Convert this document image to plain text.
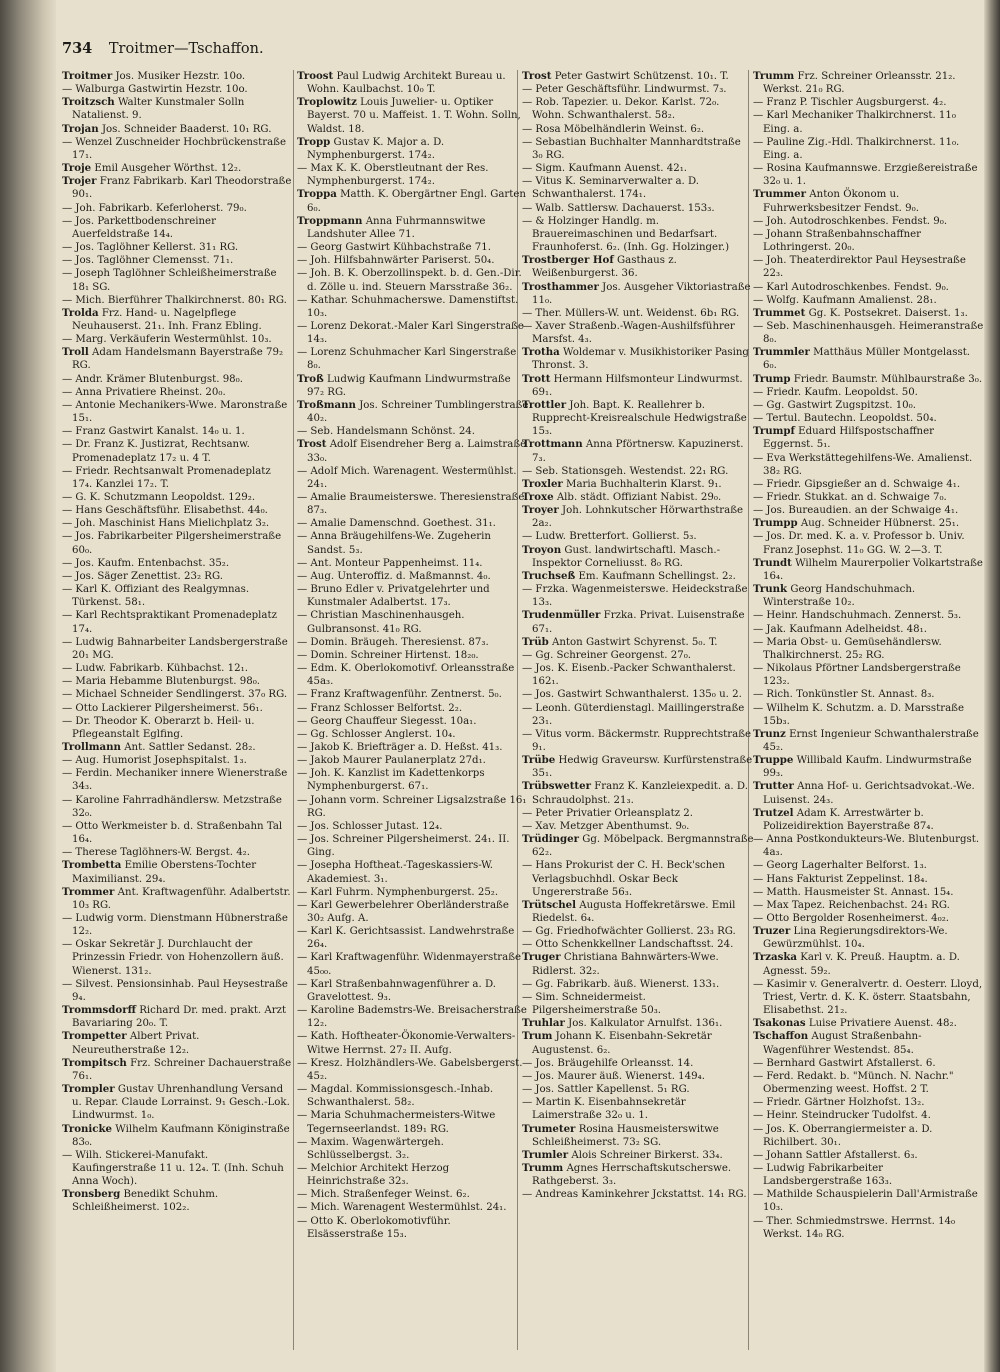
734 Troitmer—Tschaffon.

Troitmer Jos. Musiker Hezstr. 10o.

— Walburga Gastwirtin Hezstr. 10o.

Troitzsch Walter Kunstmaler Solln Natalienst. 9.

Trojan Jos. Schneider Baaderst. 10₁ RG.

— Wenzel Zuschneider Hochbrückenstraße 17₁.

Troje Emil Ausgeher Wörthst. 12₂.

Trojer Franz Fabrikarb. Karl Theodorstraße 90₁.

— Joh. Fabrikarb. Keferloherst. 79₀.

— Jos. Parkettbodenschreiner Auerfeldstraße 14₄.

— Jos. Taglöhner Kellerst. 31₁ RG.

— Jos. Taglöhner Clemensst. 71₁.

— Joseph Taglöhner Schleißheimerstraße 18₁ SG.

— Mich. Bierführer Thalkirchnerst. 80₁ RG.

Trolda Frz. Hand- u. Nagelpflege Neuhauserst. 21₁. Inh. Franz Ebling.

— Marg. Verkäuferin Westermühlst. 10₃.

Troll Adam Handelsmann Bayerstraße 79₂ RG.

— Andr. Krämer Blutenburgst. 98₀.

— Anna Privatiere Rheinst. 20₀.

— Antonie Mechanikers-Wwe. Maronstraße 15₁.

— Franz Gastwirt Kanalst. 14₀ u. 1.

— Dr. Franz K. Justizrat, Rechtsanw. Promenadeplatz 17₂ u. 4 T.

— Friedr. Rechtsanwalt Promenadeplatz 17₄. Kanzlei 17₂. T.

— G. K. Schutzmann Leopoldst. 129₂.

— Hans Geschäftsführ. Elisabethst. 44₀.

— Joh. Maschinist Hans Mielichplatz 3₂.

— Jos. Fabrikarbeiter Pilgersheimerstraße 60₀.

— Jos. Kaufm. Entenbachst. 35₂.

— Jos. Säger Zenettist. 23₂ RG.

— Karl K. Offiziant des Realgymnas. Türkenst. 58₁.

— Karl Rechtspraktikant Promenadeplatz 17₄.

— Ludwig Bahnarbeiter Landsbergerstraße 20₁ MG.

— Ludw. Fabrikarb. Kühbachst. 12₁.

— Maria Hebamme Blutenburgst. 98₀.

— Michael Schneider Sendlingerst. 37₀ RG.

— Otto Lackierer Pilgersheimerst. 56₁.

— Dr. Theodor K. Oberarzt b. Heil- u. Pflegeanstalt Eglfing.

Trollmann Ant. Sattler Sedanst. 28₂.

— Aug. Humorist Josephspitalst. 1₃.

— Ferdin. Mechaniker innere Wienerstraße 34₃.

— Karoline Fahrradhändlersw. Metzstraße 32₀.

— Otto Werkmeister b. d. Straßenbahn Tal 16₄.

— Therese Taglöhners-W. Bergst. 4₂.

Trombetta Emilie Oberstens-Tochter Maximilianst. 29₄.

Trommer Ant. Kraftwagenführ. Adalbertstr. 10₃ RG.

— Ludwig vorm. Dienstmann Hübnerstraße 12₂.

— Oskar Sekretär J. Durchlaucht der Prinzessin Friedr. von Hohenzollern äuß. Wienerst. 131₂.

— Silvest. Pensionsinhab. Paul Heysestraße 9₄.

Trommsdorff Richard Dr. med. prakt. Arzt Bavariaring 20₀. T.

Trompetter Albert Privat. Neureutherstraße 12₂.

Trompitsch Frz. Schreiner Dachauerstraße 76₁.

Trompler Gustav Uhrenhandlung Versand u. Repar. Claude Lorrainst. 9₁ Gesch.-Lok. Lindwurmst. 1₀.

Tronicke Wilhelm Kaufmann Königinstraße 83₀.

— Wilh. Stickerei-Manufakt. Kaufingerstraße 11 u. 12₄. T. (Inh. Schuh Anna Woch).

Tronsberg Benedikt Schuhm. Schleißheimerst. 102₂.

Troost Paul Ludwig Architekt Bureau u. Wohn. Kaulbachst. 10₀ T.

Troplowitz Louis Juwelier- u. Optiker Bayerst. 70 u. Maffeist. 1. T. Wohn. Solln, Waldst. 18.

Tropp Gustav K. Major a. D. Nymphenburgerst. 174₂.

— Max K. K. Oberstleutnant der Res. Nymphenburgerst. 174₂.

Troppa Matth. K. Obergärtner Engl. Garten 6₀.

Troppmann Anna Fuhrmannswitwe Landshuter Allee 71.

— Georg Gastwirt Kühbachstraße 71.

— Joh. Hilfsbahnwärter Pariserst. 50₄.

— Joh. B. K. Oberzollinspekt. b. d. Gen.-Dir. d. Zölle u. ind. Steuern Marsstraße 36₂.

— Kathar. Schuhmacherswe. Damenstiftst. 10₃.

— Lorenz Dekorat.-Maler Karl Singerstraße 14₃.

— Lorenz Schuhmacher Karl Singerstraße 8₀.

Troß Ludwig Kaufmann Lindwurmstraße 97₂ RG.

Troßmann Jos. Schreiner Tumblingerstraße 40₂.

— Seb. Handelsmann Schönst. 24.

Trost Adolf Eisendreher Berg a. Laimstraße 33₀.

— Adolf Mich. Warenagent. Westermühlst. 24₁.

— Amalie Braumeisterswe. Theresienstraße 87₃.

— Amalie Damenschnd. Goethest. 31₁.

— Anna Bräugehilfens-We. Zugeherin Sandst. 5₃.

— Ant. Monteur Pappenheimst. 11₄.

— Aug. Unteroffiz. d. Maßmannst. 4₀.

— Bruno Edler v. Privatgelehrter und Kunstmaler Adalbertst. 17₃.

— Christian Maschinenhausgeh. Gulbransonst. 41₀ RG.

— Domin. Bräugeh. Theresienst. 87₃.

— Domin. Schreiner Hirtenst. 18₂₀.

— Edm. K. Oberlokomotivf. Orleansstraße 45a₃.

— Franz Kraftwagenführ. Zentnerst. 5₀.

— Franz Schlosser Belfortst. 2₂.

— Georg Chauffeur Siegesst. 10a₁.

— Gg. Schlosser Anglerst. 10₄.

— Jakob K. Briefträger a. D. Heßst. 41₃.

— Jakob Maurer Paulanerplatz 27d₁.

— Joh. K. Kanzlist im Kadettenkorps Nymphenburgerst. 67₁.

— Johann vorm. Schreiner Ligsalzstraße 16₁ RG.

— Jos. Schlosser Jutast. 12₄.

— Jos. Schreiner Pilgersheimerst. 24₁. II. Ging.

— Josepha Hoftheat.-Tageskassiers-W. Akademiest. 3₁.

— Karl Fuhrm. Nymphenburgerst. 25₂.

— Karl Gewerbelehrer Oberländerstraße 30₂ Aufg. A.

— Karl K. Gerichtsassist. Landwehrstraße 26₄.

— Karl Kraftwagenführ. Widenmayerstraße 45₀₀.

— Karl Straßenbahnwagenführer a. D. Gravelottest. 9₃.

— Karoline Bademstrs-We. Breisacherstraße 12₂.

— Kath. Hoftheater-Ökonomie-Verwalters-Witwe Herrnst. 27₂ II. Aufg.

— Kresz. Holzhändlers-We. Gabelsbergerst. 45₂.

— Magdal. Kommissionsgesch.-Inhab. Schwanthalerst. 58₂.

— Maria Schuhmachermeisters-Witwe Tegernseerlandst. 189₁ RG.

— Maxim. Wagenwärtergeh. Schlüsselbergst. 3₂.

— Melchior Architekt Herzog Heinrichstraße 32₃.

— Mich. Straßenfeger Weinst. 6₂.

— Mich. Warenagent Westermühlst. 24₁.

— Otto K. Oberlokomotivführ. Elsässerstraße 15₃.

Trost Peter Gastwirt Schützenst. 10₁. T.

— Peter Geschäftsführ. Lindwurmst. 7₃.

— Rob. Tapezier. u. Dekor. Karlst. 72₀. Wohn. Schwanthalerst. 58₂.

— Rosa Möbelhändlerin Weinst. 6₂.

— Sebastian Buchhalter Mannhardtstraße 3₀ RG.

— Sigm. Kaufmann Auenst. 42₁.

— Vitus K. Seminarverwalter a. D. Schwanthalerst. 174₁.

— Walb. Sattlersw. Dachauerst. 153₃.

— & Holzinger Handlg. m. Brauereimaschinen und Bedarfsart. Fraunhoferst. 6₂. (Inh. Gg. Holzinger.)

Trostberger Hof Gasthaus z. Weißenburgerst. 36.

Trosthammer Jos. Ausgeher Viktoriastraße 11₀.

— Ther. Müllers-W. unt. Weidenst. 6b₁ RG.

— Xaver Straßenb.-Wagen-Aushilfsführer Marsfst. 4₃.

Trotha Woldemar v. Musikhistoriker Pasing Thronst. 3.

Trott Hermann Hilfsmonteur Lindwurmst. 69₁.

Trottler Joh. Bapt. K. Reallehrer b. Rupprecht-Kreisrealschule Hedwigstraße 15₃.

Trottmann Anna Pförtnersw. Kapuzinerst. 7₃.

— Seb. Stationsgeh. Westendst. 22₁ RG.

Troxler Maria Buchhalterin Klarst. 9₁.

Troxe Alb. städt. Offiziant Nabist. 29₀.

Troyer Joh. Lohnkutscher Hörwarthstraße 2a₂.

— Ludw. Bretterfort. Gollierst. 5₃.

Troyon Gust. landwirtschaftl. Masch.-Inspektor Corneliusst. 8₀ RG.

Truchseß Em. Kaufmann Schellingst. 2₂.

— Frzka. Wagenmeisterswe. Heideckstraße 13₃.

Trudenmüller Frzka. Privat. Luisenstraße 67₁.

Trüb Anton Gastwirt Schyrenst. 5₀. T.

— Gg. Schreiner Georgenst. 27₀.

— Jos. K. Eisenb.-Packer Schwanthalerst. 162₁.

— Jos. Gastwirt Schwanthalerst. 135₀ u. 2.

— Leonh. Güterdienstagl. Maillingerstraße 23₁.

— Vitus vorm. Bäckermstr. Rupprechtstraße 9₁.

Trübe Hedwig Graveursw. Kurfürstenstraße 35₁.

Trübswetter Franz K. Kanzleiexpedit. a. D. Schraudolphst. 21₃.

— Peter Privatier Orleansplatz 2.

— Xav. Metzger Abenthumst. 9₀.

Trüdinger Gg. Möbelpack. Bergmannstraße 62₂.

— Hans Prokurist der C. H. Beck'schen Verlagsbuchhdl. Oskar Beck Ungererstraße 56₃.

Trütschel Augusta Hoffekretärswe. Emil Riedelst. 6₄.

— Gg. Friedhofwächter Gollierst. 23₃ RG.

— Otto Schenkkellner Landschaftsst. 24.

Truger Christiana Bahnwärters-Wwe. Ridlerst. 32₂.

— Gg. Fabrikarb. äuß. Wienerst. 133₁.

— Sim. Schneidermeist. Pilgersheimerstraße 50₃.

Truhlar Jos. Kalkulator Arnulfst. 136₁.

Trum Johann K. Eisenbahn-Sekretär Augustenst. 6₂.

— Jos. Bräugehilfe Orleansst. 14.

— Jos. Maurer äuß. Wienerst. 149₄.

— Jos. Sattler Kapellenst. 5₁ RG.

— Martin K. Eisenbahnsekretär Laimerstraße 32₀ u. 1.

Trumeter Rosina Hausmeisterswitwe Schleißheimerst. 73₂ SG.

Trumler Alois Schreiner Birkerst. 33₄.

Trumm Agnes Herrschaftskutscherswe. Rathgeberst. 3₃.

— Andreas Kaminkehrer Jckstattst. 14₁ RG.

Trumm Frz. Schreiner Orleansstr. 21₂. Werkst. 21₀ RG.

— Franz P. Tischler Augsburgerst. 4₂.

— Karl Mechaniker Thalkirchnerst. 11₀ Eing. a.

— Pauline Zig.-Hdl. Thalkirchnerst. 11₀. Eing. a.

— Rosina Kaufmannswe. Erzgießereistraße 32₀ u. 1.

Trummer Anton Ökonom u. Fuhrwerksbesitzer Fendst. 9₀.

— Joh. Autodroschkenbes. Fendst. 9₀.

— Johann Straßenbahnschaffner Lothringerst. 20₀.

— Joh. Theaterdirektor Paul Heysestraße 22₃.

— Karl Autodroschkenbes. Fendst. 9₀.

— Wolfg. Kaufmann Amalienst. 28₁.

Trummet Gg. K. Postsekret. Daiserst. 1₃.

— Seb. Maschinenhausgeh. Heimeranstraße 8₀.

Trummler Matthäus Müller Montgelasst. 6₀.

Trump Friedr. Baumstr. Mühlbaurstraße 3₀.

— Friedr. Kaufm. Leopoldst. 50.

— Gg. Gastwirt Zugspitzst. 10₀.

— Tertul. Bautechn. Leopoldst. 50₄.

Trumpf Eduard Hilfspostschaffner Eggernst. 5₁.

— Eva Werkstättegehilfens-We. Amalienst. 38₂ RG.

— Friedr. Gipsgießer an d. Schwaige 4₁.

— Friedr. Stukkat. an d. Schwaige 7₀.

— Jos. Bureaudien. an der Schwaige 4₁.

Trumpp Aug. Schneider Hübnerst. 25₁.

— Jos. Dr. med. K. a. v. Professor b. Univ. Franz Josephst. 11₀ GG. W. 2—3. T.

Trundt Wilhelm Maurerpolier Volkartstraße 16₄.

Trunk Georg Handschuhmach. Winterstraße 10₂.

— Heinr. Handschuhmach. Zennerst. 5₃.

— Jak. Kaufmann Adelheidst. 48₁.

— Maria Obst- u. Gemüsehändlersw. Thalkirchnerst. 25₂ RG.

— Nikolaus Pförtner Landsbergerstraße 123₂.

— Rich. Tonkünstler St. Annast. 8₃.

— Wilhelm K. Schutzm. a. D. Marsstraße 15b₃.

Trunz Ernst Ingenieur Schwanthalerstraße 45₂.

Truppe Willibald Kaufm. Lindwurmstraße 99₃.

Trutter Anna Hof- u. Gerichtsadvokat.-We. Luisenst. 24₃.

Trutzel Adam K. Arrestwärter b. Polizeidirektion Bayerstraße 87₄.

— Anna Postkondukteurs-We. Blutenburgst. 4a₃.

— Georg Lagerhalter Belforst. 1₃.

— Hans Fakturist Zeppelinst. 18₄.

— Matth. Hausmeister St. Annast. 15₄.

— Max Tapez. Reichenbachst. 24₁ RG.

— Otto Bergolder Rosenheimerst. 4₀₂.

Truzer Lina Regierungsdirektors-We. Gewürzmühlst. 10₄.

Trzaska Karl v. K. Preuß. Hauptm. a. D. Agnesst. 59₂.

— Kasimir v. Generalvertr. d. Oesterr. Lloyd, Triest, Vertr. d. K. K. österr. Staatsbahn, Elisabethst. 21₂.

Tsakonas Luise Privatiere Auenst. 48₂.

Tschaffon August Straßenbahn-Wagenführer Westendst. 85₄.

— Bernhard Gastwirt Afstallerst. 6.

— Ferd. Redakt. b. "Münch. N. Nachr." Obermenzing weest. Hoffst. 2 T.

— Friedr. Gärtner Holzhofst. 13₂.

— Heinr. Steindrucker Tudolfst. 4.

— Jos. K. Oberrangiermeister a. D. Richilbert. 30₁.

— Johann Sattler Afstallerst. 6₃.

— Ludwig Fabrikarbeiter Landsbergerstraße 163₃.

— Mathilde Schauspielerin Dall'Armistraße 10₃.

— Ther. Schmiedmstrswe. Herrnst. 14₀ Werkst. 14₀ RG.
